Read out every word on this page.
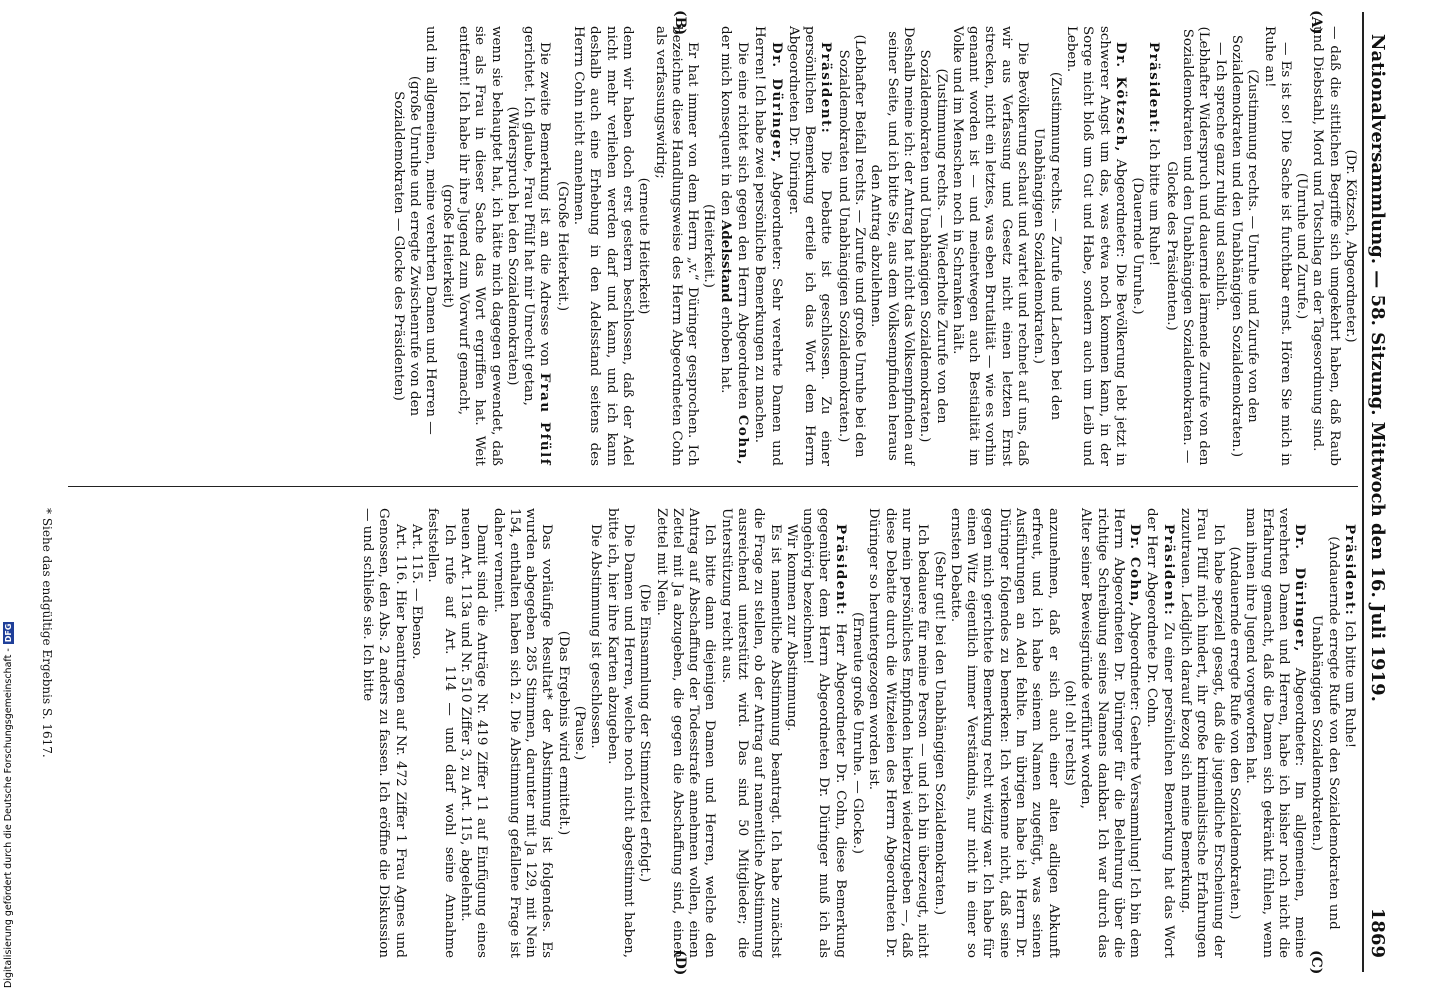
Nationalversammlung. — 58. Sitzung. Mittwoch den 16. Juli 1919.
1869
(A)
(B)
(C)
(D)

(Dr. Kötzsch, Abgeordneter.)

— daß die sittlichen Begriffe sich umgekehrt haben, daß Raub und Diebstahl, Mord und Totschlag an der Tagesordnung sind.

(Unruhe und Zurufe.)

— Es ist so! Die Sache ist furchtbar ernst. Hören Sie mich in Ruhe an!

(Zustimmung rechts. — Unruhe und Zurufe von den Sozialdemokraten und den Unabhängigen Sozialdemokraten.)

— Ich spreche ganz ruhig und sachlich.

(Lebhafter Widerspruch und dauernde lärmende Zurufe von den Sozialdemokraten und den Unabhängigen Sozialdemokraten. — Glocke des Präsidenten.)

Präsident: Ich bitte um Ruhe!

(Dauernde Unruhe.)

Dr. Kötzsch, Abgeordneter: Die Bevölkerung lebt jetzt in schwerer Angst um das, was etwa noch kommen kann, in der Sorge nicht bloß um Gut und Habe, sondern auch um Leib und Leben.

(Zustimmung rechts. — Zurufe und Lachen bei den Unabhängigen Sozialdemokraten.)

Die Bevölkerung schaut und wartet und rechnet auf uns, daß wir aus Verfassung und Gesetz nicht einen letzten Ernst strecken, nicht ein letztes, was eben Brutalität — wie es vorhin genannt worden ist — und meinetwegen auch Bestialität im Volke und im Menschen noch in Schranken hält.

(Zustimmung rechts. — Wiederholte Zurufe von den Sozialdemokraten und Unabhängigen Sozialdemokraten.) Deshalb meine ich: der Antrag hat nicht das Volksempfinden auf seiner Seite, und ich bitte Sie, aus dem Volksempfinden heraus den Antrag abzulehnen.

(Lebhafter Beifall rechts. — Zurufe und große Unruhe bei den Sozialdemokraten und Unabhängigen Sozialdemokraten.)

Präsident: Die Debatte ist geschlossen. Zu einer persönlichen Bemerkung erteile ich das Wort dem Herrn Abgeordneten Dr. Düringer.

Dr. Düringer, Abgeordneter: Sehr verehrte Damen und Herren! Ich habe zwei persönliche Bemerkungen zu machen.

Die eine richtet sich gegen den Herrn Abgeordneten Cohn, der mich konsequent in den Adelsstand erhoben hat.

(Heiterkeit.)

Er hat immer von dem Herrn „v.“ Düringer gesprochen. Ich bezeichne diese Handlungsweise des Herrn Abgeordneten Cohn als verfassungswidrig;

(erneute Heiterkeit)

denn wir haben doch erst gestern beschlossen, daß der Adel nicht mehr verliehen werden darf und kann, und ich kann deshalb auch eine Erhebung in den Adelsstand seitens des Herrn Cohn nicht annehmen.

(Große Heiterkeit.)

Die zweite Bemerkung ist an die Adresse von Frau Pfülf gerichtet. Ich glaube, Frau Pfülf hat mir Unrecht getan,

(Widerspruch bei den Sozialdemokraten)

wenn sie behauptet hat, ich hätte mich dagegen gewendet, daß sie als Frau in dieser Sache das Wort ergriffen hat. Weit entfernt! Ich habe ihr ihre Jugend zum Vorwurf gemacht,

(große Heiterkeit)

und im allgemeinen, meine verehrten Damen und Herren —

(große Unruhe und erregte Zwischenrufe von den Sozialdemokraten — Glocke des Präsidenten)

Präsident: Ich bitte um Ruhe!

(Andauernde erregte Rufe von den Sozialdemokraten und Unabhängigen Sozialdemokraten.)

Dr. Düringer, Abgeordneter: Im allgemeinen, meine verehrten Damen und Herren, habe ich bisher noch nicht die Erfahrung gemacht, daß die Damen sich gekränkt fühlen, wenn man ihnen ihre Jugend vorgeworfen hat.

(Andauernde erregte Rufe von den Sozialdemokraten.)

Ich habe speziell gesagt, daß die jugendliche Erscheinung der Frau Pfülf mich hindert, ihr große kriminalistische Erfahrungen zuzutrauen. Lediglich darauf bezog sich meine Bemerkung.

Präsident: Zu einer persönlichen Bemerkung hat das Wort der Herr Abgeordnete Dr. Cohn.

Dr. Cohn, Abgeordneter: Geehrte Versammlung! Ich bin dem Herrn Abgeordneten Dr. Düringer für die Belehrung über die richtige Schreibung seines Namens dankbar. Ich war durch das Alter seiner Beweisgründe verführt worden,

(oh! oh! rechts)

anzunehmen, daß er sich auch einer alten adligen Abkunft erfreut, und ich habe seinem Namen zugefügt, was seinen Ausführungen an Adel fehlte. Im übrigen habe ich Herrn Dr. Düringer folgendes zu bemerken: Ich verkenne nicht, daß seine gegen mich gerichtete Bemerkung recht witzig war. Ich habe für einen Witz eigentlich immer Verständnis, nur nicht in einer so ernsten Debatte.

(Sehr gut! bei den Unabhängigen Sozialdemokraten.)

Ich bedauere für meine Person — und ich bin überzeugt, nicht nur mein persönliches Empfinden hierbei wiederzugeben —, daß diese Debatte durch die Witzeleien des Herrn Abgeordneten Dr. Düringer so heruntergezogen worden ist.

(Erneute große Unruhe. — Glocke.)

Präsident: Herr Abgeordneter Dr. Cohn, diese Bemerkung gegenüber dem Herrn Abgeordneten Dr. Düringer muß ich als ungehörig bezeichnen!

Wir kommen zur Abstimmung.

Es ist namentliche Abstimmung beantragt. Ich habe zunächst die Frage zu stellen, ob der Antrag auf namentliche Abstimmung ausreichend unterstützt wird. Das sind 50 Mitglieder; die Unterstützung reicht aus.

Ich bitte dann diejenigen Damen und Herren, welche den Antrag auf Abschaffung der Todesstrafe annehmen wollen, einen Zettel mit Ja abzugeben, die gegen die Abschaffung sind, einen Zettel mit Nein.

(Die Einsammlung der Stimmzettel erfolgt.)

Die Damen und Herren, welche noch nicht abgestimmt haben, bitte ich, hier ihre Karten abzugeben.

Die Abstimmung ist geschlossen.

(Pause.)

(Das Ergebnis wird ermittelt.)

Das vorläufige Resultat* der Abstimmung ist folgendes. Es wurden abgegeben 285 Stimmen, darunter mit Ja 129, mit Nein 154, enthalten haben sich 2. Die Abstimmung gefallene Frage ist daher verneint.

Damit sind die Anträge Nr. 419 Ziffer 11 auf Einfügung eines neuen Art. 113a und Nr. 510 Ziffer 3, zu Art. 115, abgelehnt.

Ich rufe auf Art. 114 — und darf wohl seine Annahme feststellen.

Art. 115. — Ebenso.

Art. 116. Hier beantragen auf Nr. 472 Ziffer 1 Frau Agnes und Genossen, den Abs. 2 anders zu fassen. Ich eröffne die Diskussion — und schließe sie. Ich bitte

* Siehe das endgültige Ergebnis S. 1617.
Digitalisierung gefördert durch die Deutsche Forschungsgemeinschaft -DFG
